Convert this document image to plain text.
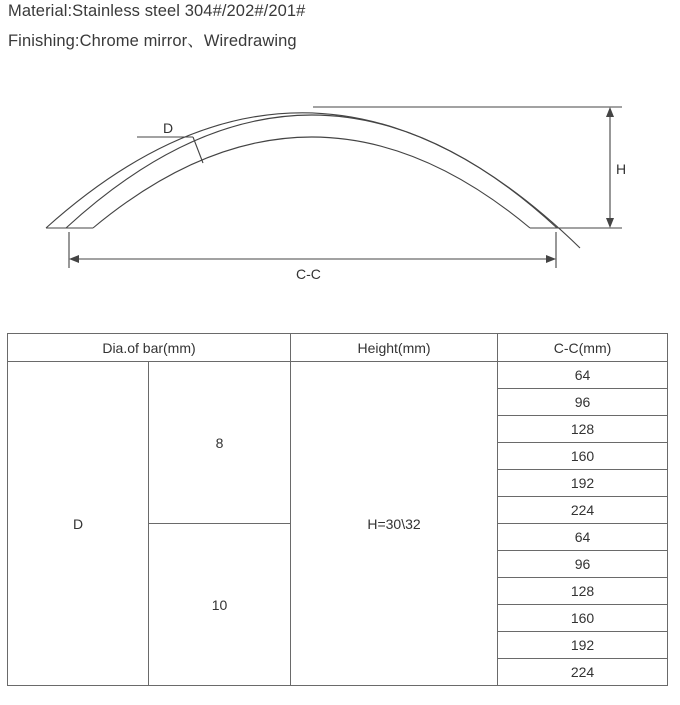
Material:Stainless steel 304#/202#/201#
Finishing:Chrome mirror、Wiredrawing
D
H
C-C
Dia.of bar(mm)		Height(mm)	C-C(mm)
D	8	H=30\32	64
			96
			128
			160
			192
			224
	10		64
			96
			128
			160
			192
			224
